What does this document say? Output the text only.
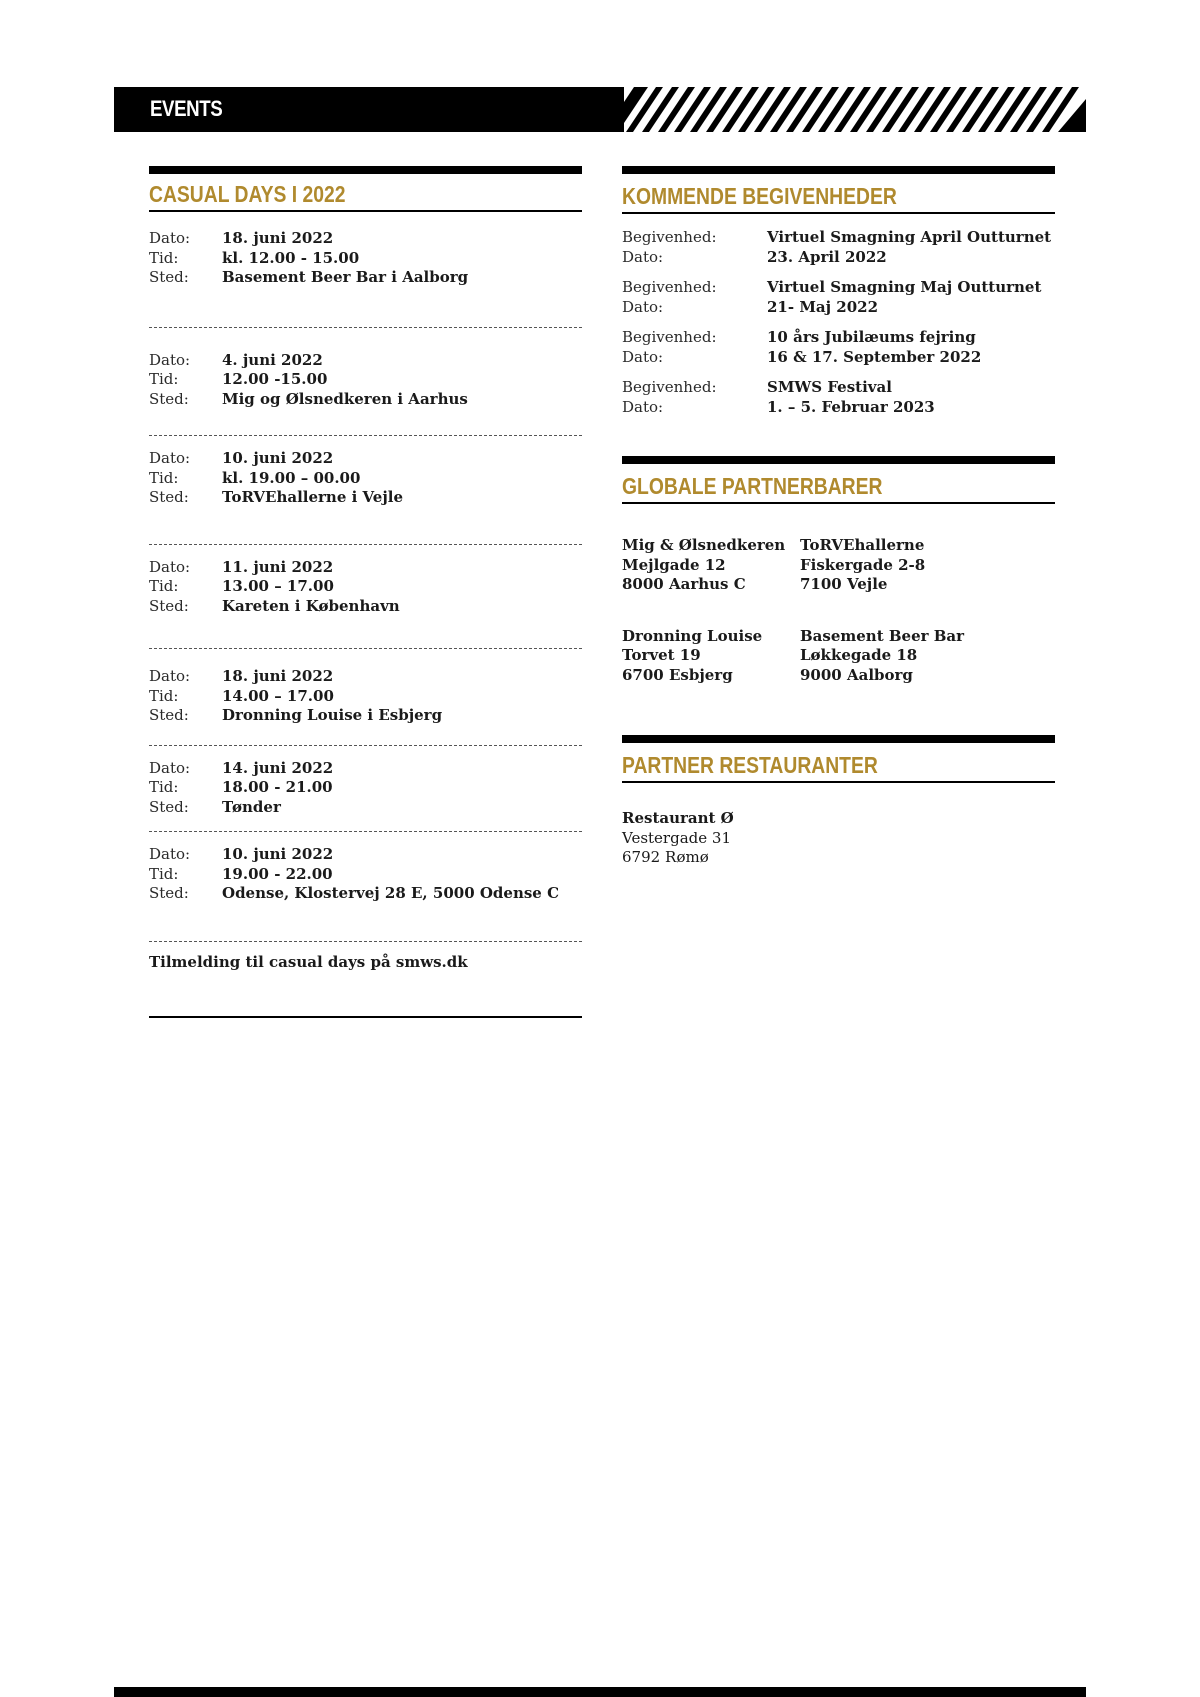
EVENTS
CASUAL DAYS I 2022
Dato:	18. juni 2022
Tid:	kl. 12.00 - 15.00
Sted:	Basement Beer Bar i Aalborg
Dato:	4. juni 2022
Tid:	12.00 -15.00
Sted:	Mig og Ølsnedkeren i Aarhus
Dato:	10. juni 2022
Tid:	kl. 19.00 – 00.00
Sted:	ToRVEhallerne i Vejle
Dato:	11. juni 2022
Tid:	13.00 – 17.00
Sted:	Kareten i København
Dato:	18. juni 2022
Tid:	14.00 – 17.00
Sted:	Dronning Louise i Esbjerg
Dato:	14. juni 2022
Tid:	18.00 - 21.00
Sted:	Tønder
Dato:	10. juni 2022
Tid:	19.00 - 22.00
Sted:	Odense, Klostervej 28 E, 5000 Odense C
Tilmelding til casual days på smws.dk
KOMMENDE BEGIVENHEDER
Begivenhed:	Virtuel Smagning April Outturnet
Dato:	23. April 2022
Begivenhed:	Virtuel Smagning Maj Outturnet
Dato:	21- Maj 2022
Begivenhed:	10 års Jubilæums fejring
Dato:	16 & 17. September 2022
Begivenhed:	SMWS Festival
Dato:	1. – 5. Februar 2023
GLOBALE PARTNERBARER
Mig & Ølsnedkeren
Mejlgade 12
8000 Aarhus C
ToRVEhallerne
Fiskergade 2-8
7100 Vejle
Dronning Louise
Torvet 19
6700 Esbjerg
Basement Beer Bar
Løkkegade 18
9000 Aalborg
PARTNER RESTAURANTER
Restaurant Ø
Vestergade 31
6792 Rømø
